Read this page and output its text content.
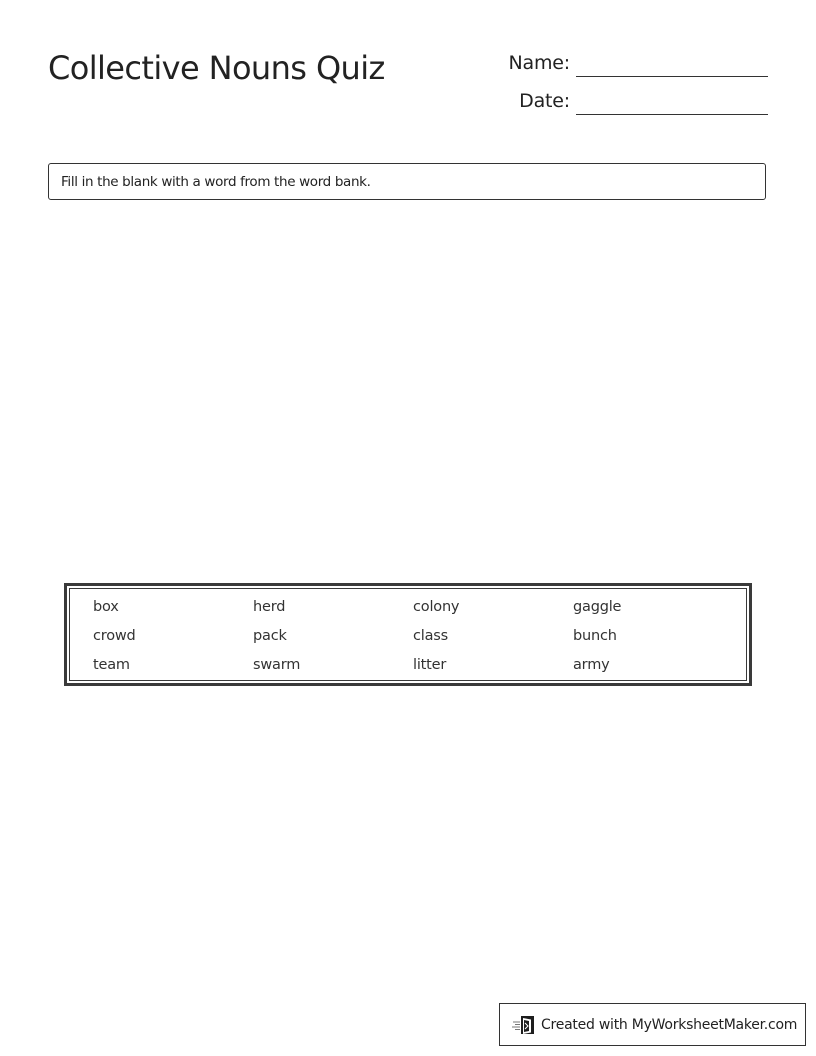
Collective Nouns Quiz	Name:
Date:
Fill in the blank with a word from the word bank.
box	herd	colony	gaggle
crowd	pack	class	bunch
team	swarm	litter	army
Created with MyWorksheetMaker.com
